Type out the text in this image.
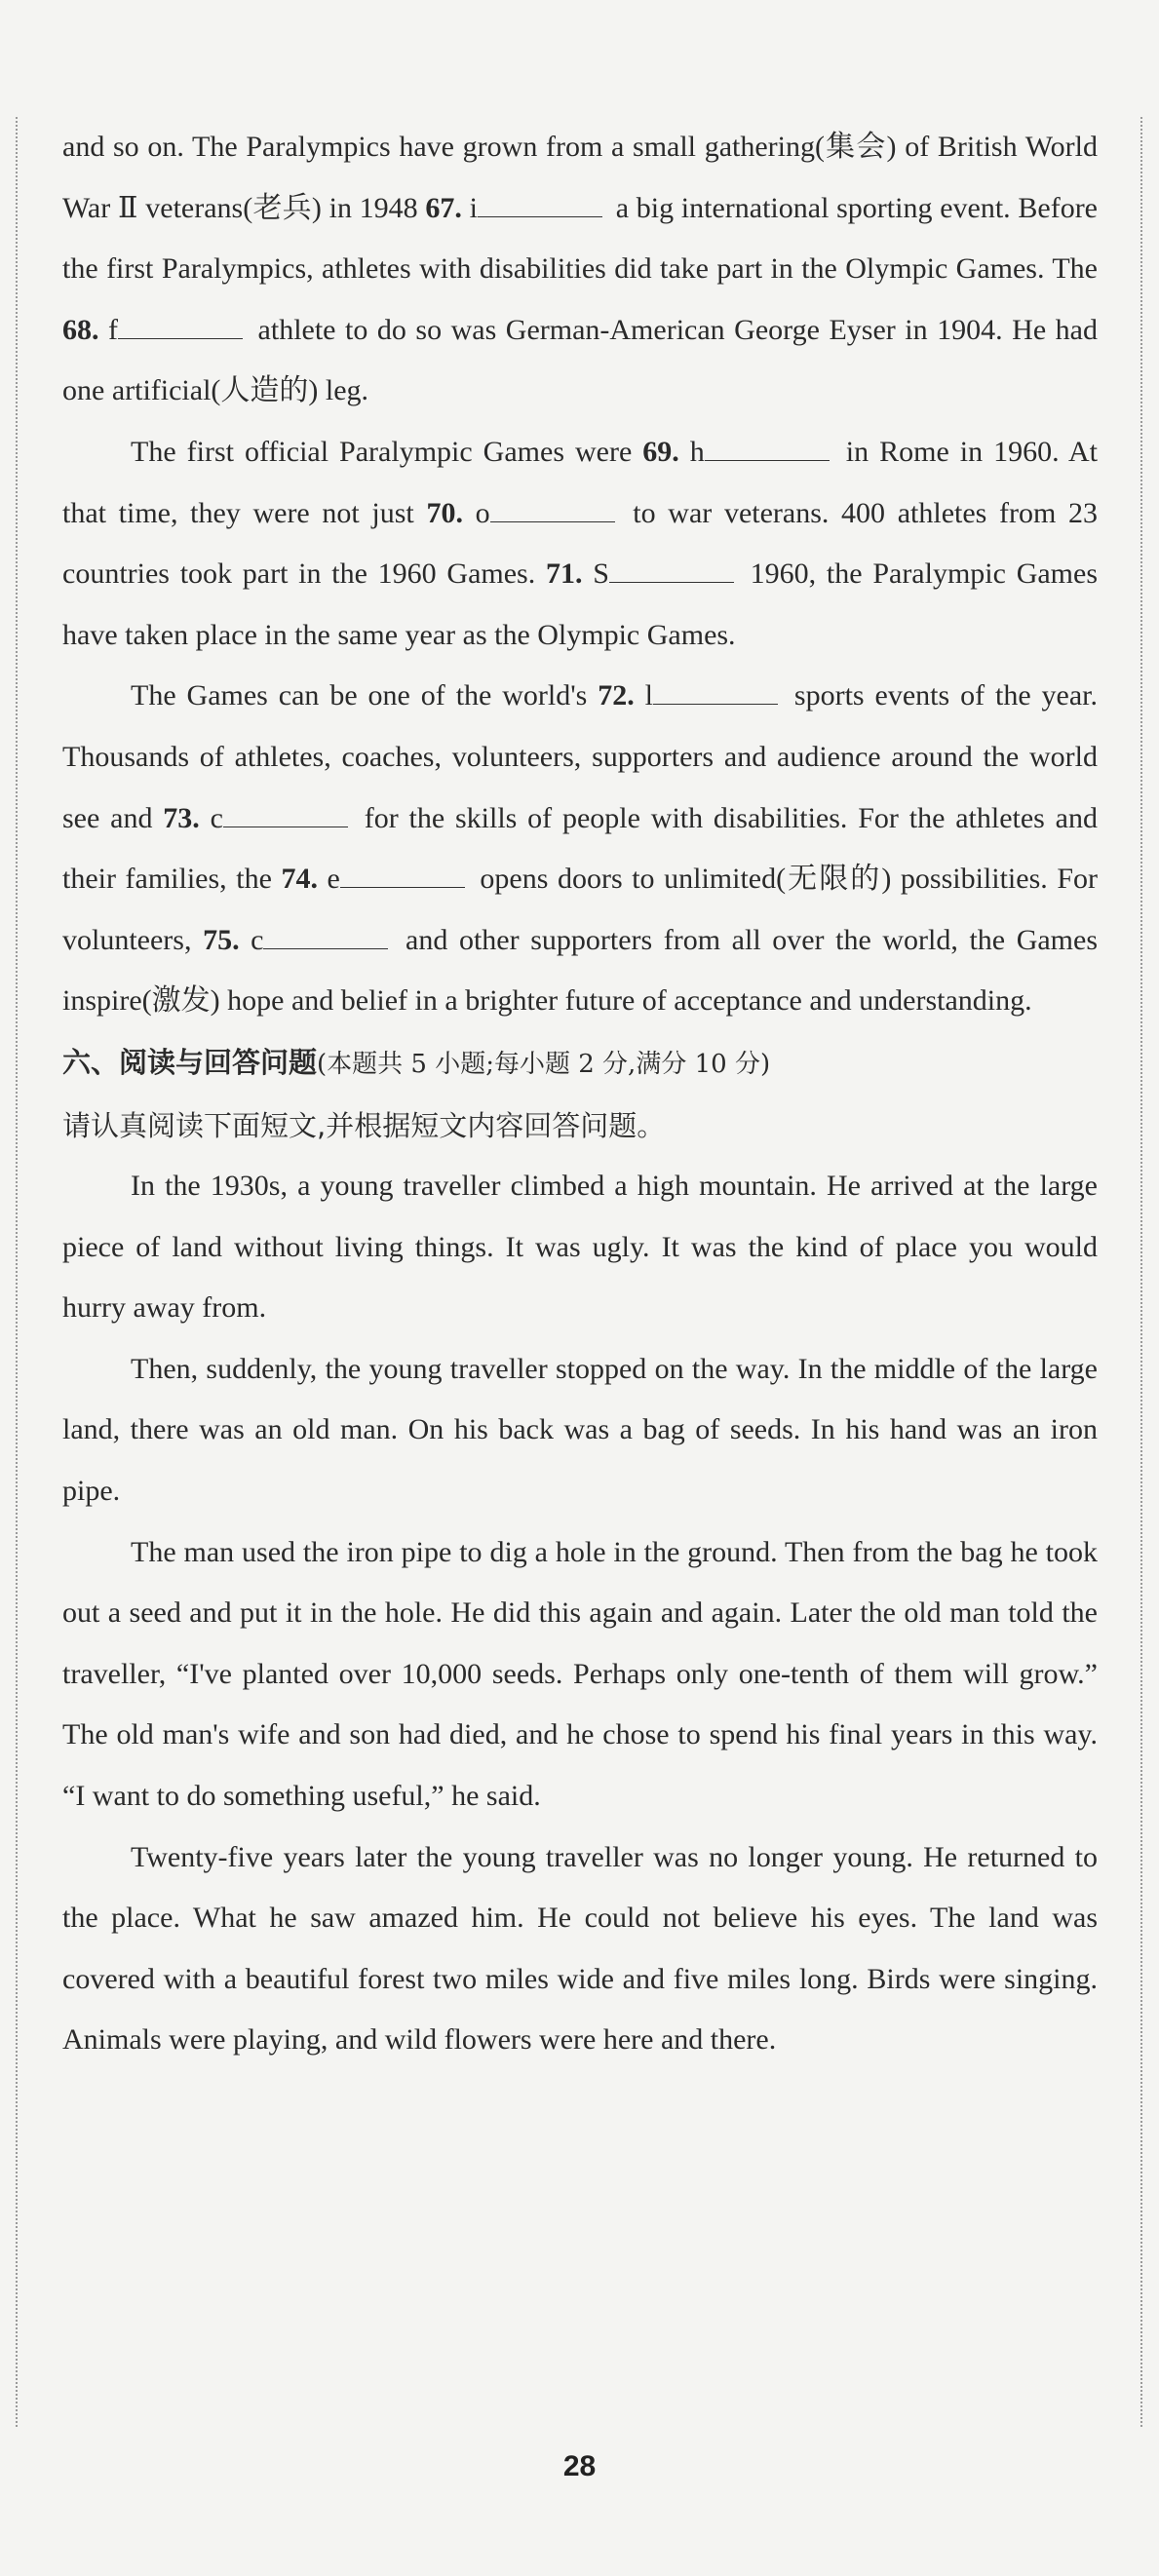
and so on. The Paralympics have grown from a small gathering(集会) of British World War Ⅱ veterans(老兵) in 1948 67. i	a big international sporting event. Before the first Paralympics, athletes with disabilities did take part in the Olympic Games. The 68. f	athlete to do so was German-American George Eyser in 1904. He had one artificial(人造的) leg.

The first official Paralympic Games were 69. h	in Rome in 1960. At that time, they were not just 70. o	to war veterans. 400 athletes from 23 countries took part in the 1960 Games. 71. S	1960, the Paralympic Games have taken place in the same year as the Olympic Games.

The Games can be one of the world's 72. l	sports events of the year. Thousands of athletes, coaches, volunteers, supporters and audience around the world see and 73. c	for the skills of people with disabilities. For the athletes and their families, the 74. e	opens doors to unlimited(无限的) possibilities. For volunteers, 75. c	and other supporters from all over the world, the Games inspire(激发) hope and belief in a brighter future of acceptance and understanding.

六、阅读与回答问题(本题共 5 小题;每小题 2 分,满分 10 分)

请认真阅读下面短文,并根据短文内容回答问题。

In the 1930s, a young traveller climbed a high mountain. He arrived at the large piece of land without living things. It was ugly. It was the kind of place you would hurry away from.

Then, suddenly, the young traveller stopped on the way. In the middle of the large land, there was an old man. On his back was a bag of seeds. In his hand was an iron pipe.

The man used the iron pipe to dig a hole in the ground. Then from the bag he took out a seed and put it in the hole. He did this again and again. Later the old man told the traveller, “I've planted over 10,000 seeds. Perhaps only one-tenth of them will grow.” The old man's wife and son had died, and he chose to spend his final years in this way. “I want to do something useful,” he said.

Twenty-five years later the young traveller was no longer young. He returned to the place. What he saw amazed him. He could not believe his eyes. The land was covered with a beautiful forest two miles wide and five miles long. Birds were singing. Animals were playing, and wild flowers were here and there.

28
